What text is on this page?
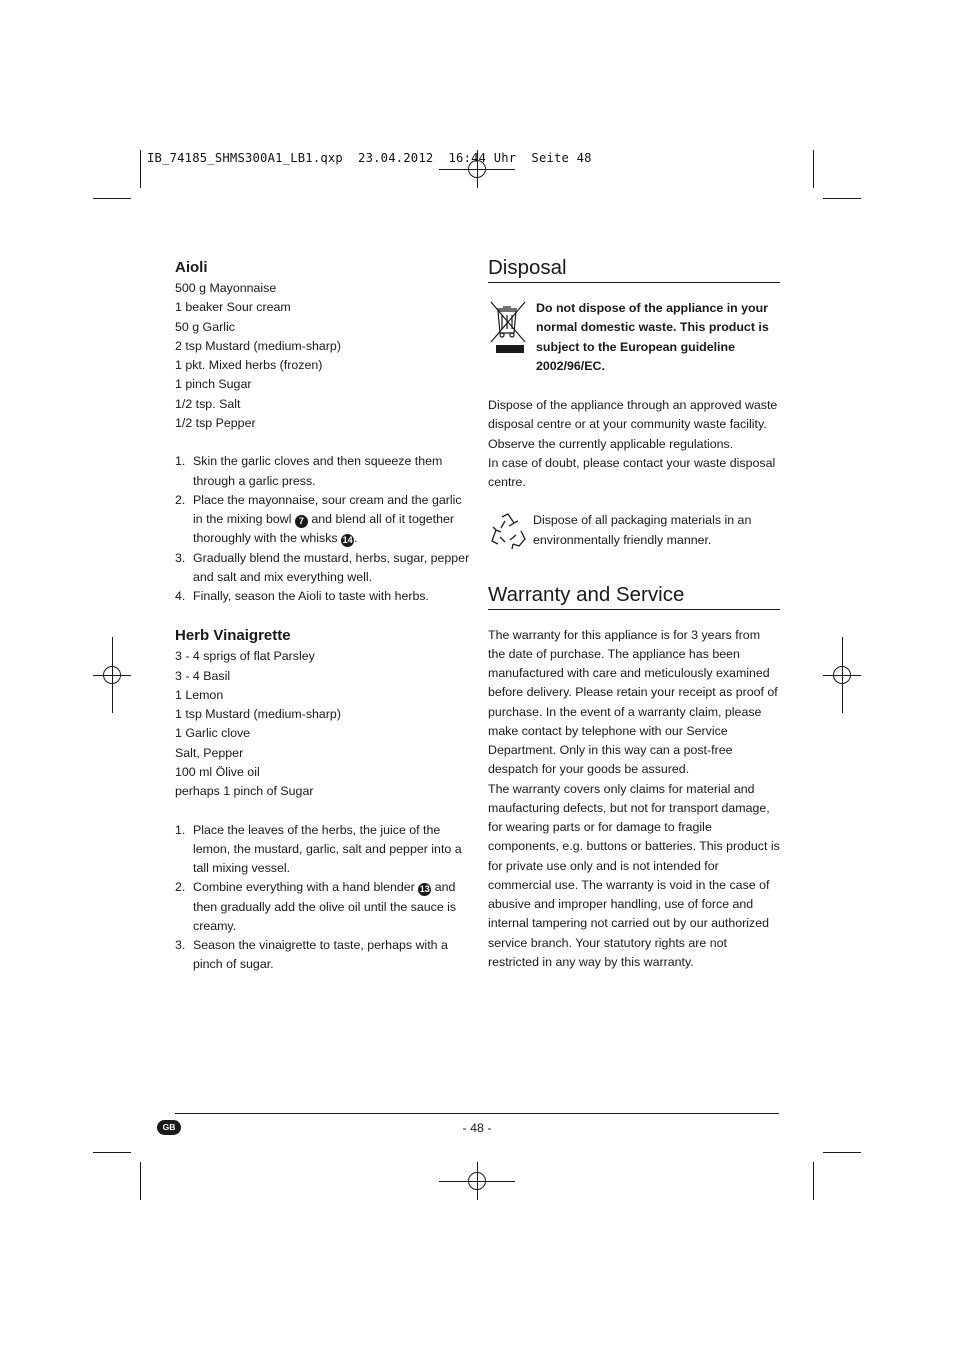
IB_74185_SHMS300A1_LB1.qxp  23.04.2012  16:44 Uhr  Seite 48
Aioli
500 g Mayonnaise
1 beaker Sour cream
50 g Garlic
2 tsp Mustard (medium-sharp)
1 pkt. Mixed herbs (frozen)
1 pinch Sugar
1/2 tsp. Salt
1/2 tsp Pepper
1. Skin the garlic cloves and then squeeze them through a garlic press.
2. Place the mayonnaise, sour cream and the garlic in the mixing bowl 7 and blend all of it together thoroughly with the whisks 14 .
3. Gradually blend the mustard, herbs, sugar, pepper and salt and mix everything well.
4. Finally, season the Aioli to taste with herbs.
Herb Vinaigrette
3 - 4 sprigs of flat Parsley
3 - 4 Basil
1 Lemon
1 tsp Mustard (medium-sharp)
1 Garlic clove
Salt, Pepper
100 ml Ölive oil
perhaps 1 pinch of Sugar
1. Place the leaves of the herbs, the juice of the lemon, the mustard, garlic, salt and pepper into a tall mixing vessel.
2. Combine everything with a hand blender 13 and then gradually add the olive oil until the sauce is creamy.
3. Season the vinaigrette to taste, perhaps with a pinch of sugar.
Disposal

Do not dispose of the appliance in your normal domestic waste. This product is subject to the European guideline 2002/96/EC.

Dispose of the appliance through an approved waste disposal centre or at your community waste facility. Observe the currently applicable regulations.

In case of doubt, please contact your waste disposal centre.

Dispose of all packaging materials in an environmentally friendly manner.

Warranty and Service

The warranty for this appliance is for 3 years from the date of purchase. The appliance has been manufactured with care and meticulously examined before delivery. Please retain your receipt as proof of purchase. In the event of a warranty claim, please make contact by telephone with our Service Department. Only in this way can a post-free despatch for your goods be assured.

The warranty covers only claims for material and maufacturing defects, but not for transport damage, for wearing parts or for damage to fragile components, e.g. buttons or batteries. This product is for private use only and is not intended for commercial use. The warranty is void in the case of abusive and improper handling, use of force and internal tampering not carried out by our authorized service branch. Your statutory rights are not restricted in any way by this warranty.

GB	- 48 -
